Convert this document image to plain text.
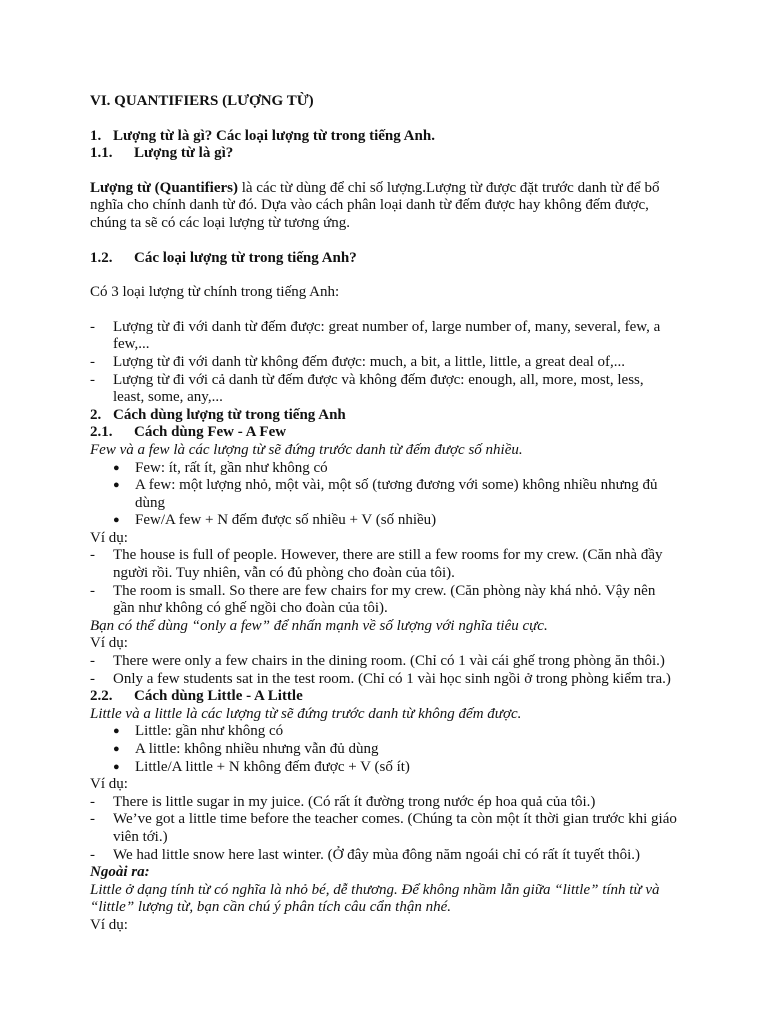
VI. QUANTIFIERS (LƯỢNG TỪ)

1. Lượng từ là gì? Các loại lượng từ trong tiếng Anh.
1.1.	Lượng từ là gì?

Lượng từ (Quantifiers) là các từ dùng để chỉ số lượng.Lượng từ được đặt trước danh từ để bổ nghĩa cho chính danh từ đó. Dựa vào cách phân loại danh từ đếm được hay không đếm được, chúng ta sẽ có các loại lượng từ tương ứng.

1.2.	Các loại lượng từ trong tiếng Anh?

Có 3 loại lượng từ chính trong tiếng Anh:

-	Lượng từ đi với danh từ đếm được: great number of, large number of, many, several, few, a few,...
-	Lượng từ đi với danh từ không đếm được: much, a bit, a little, little, a great deal of,...
-	Lượng từ đi với cả danh từ đếm được và không đếm được: enough, all, more, most, less, least, some, any,...
2. Cách dùng lượng từ trong tiếng Anh
2.1.	Cách dùng Few - A Few

Few và a few là các lượng từ sẽ đứng trước danh từ đếm được số nhiều.

●	Few: ít, rất ít, gần như không có
●	A few: một lượng nhỏ, một vài, một số (tương đương với some) không nhiều nhưng đủ dùng
●	Few/A few + N đếm được số nhiều + V (số nhiều)

Ví dụ:

-	The house is full of people. However, there are still a few rooms for my crew. (Căn nhà đầy người rồi. Tuy nhiên, vẫn có đủ phòng cho đoàn của tôi).
-	The room is small. So there are few chairs for my crew. (Căn phòng này khá nhỏ. Vậy nên gần như không có ghế ngồi cho đoàn của tôi).

Bạn có thể dùng “only a few” để nhấn mạnh về số lượng với nghĩa tiêu cực.

Ví dụ:

-	There were only a few chairs in the dining room. (Chỉ có 1 vài cái ghế trong phòng ăn thôi.)
-	Only a few students sat in the test room. (Chỉ có 1 vài học sinh ngồi ở trong phòng kiểm tra.)
2.2.	Cách dùng Little - A Little

Little và a little là các lượng từ sẽ đứng trước danh từ không đếm được.

●	Little: gần như không có
●	A little: không nhiều nhưng vẫn đủ dùng
●	Little/A little + N không đếm được + V (số ít)

Ví dụ:

-	There is little sugar in my juice. (Có rất ít đường trong nước ép hoa quả của tôi.)
-	We’ve got a little time before the teacher comes. (Chúng ta còn một ít thời gian trước khi giáo viên tới.)
-	We had little snow here last winter. (Ở đây mùa đông năm ngoái chỉ có rất ít tuyết thôi.)

Ngoài ra:

Little ở dạng tính từ có nghĩa là nhỏ bé, dễ thương. Để không nhầm lẫn giữa “little” tính từ và “little” lượng từ, bạn cần chú ý phân tích câu cẩn thận nhé.

Ví dụ:
